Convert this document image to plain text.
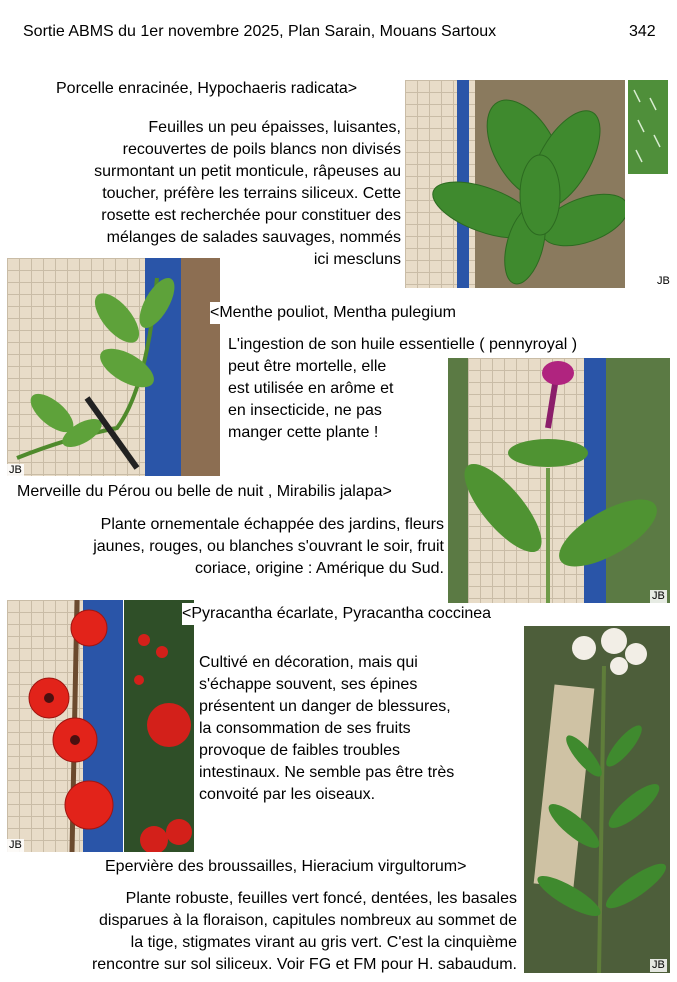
Sortie ABMS du 1er novembre 2025, Plan Sarain, Mouans Sartoux	342
Porcelle enracinée, Hypochaeris radicata>
Feuilles un peu épaisses, luisantes,
recouvertes de poils blancs non divisés
surmontant un petit monticule, râpeuses au
toucher, préfère les terrains siliceux. Cette
rosette est recherchée pour constituer des
mélanges de salades sauvages, nommés
ici mescluns
JB
JB
<Menthe pouliot, Mentha pulegium
L'ingestion de son huile essentielle ( pennyroyal )
peut être mortelle, elle
est utilisée en arôme et
en insecticide, ne pas
manger cette plante !
JB
Merveille du Pérou ou belle de nuit , Mirabilis jalapa>
Plante ornementale échappée des jardins, fleurs
jaunes, rouges, ou blanches s'ouvrant le soir, fruit
coriace, origine : Amérique du Sud.
JB
<Pyracantha écarlate, Pyracantha coccinea
Cultivé en décoration, mais qui
s'échappe souvent, ses épines
présentent un danger de blessures,
la consommation de ses fruits
provoque de faibles troubles
intestinaux. Ne semble pas être très
convoité par les oiseaux.
JB
Epervière des broussailles, Hieracium virgultorum>
Plante robuste, feuilles vert foncé, dentées, les basales
disparues à la floraison, capitules nombreux au sommet de
la tige, stigmates virant au gris vert. C'est la cinquième
rencontre sur sol siliceux. Voir FG et FM pour H. sabaudum.
